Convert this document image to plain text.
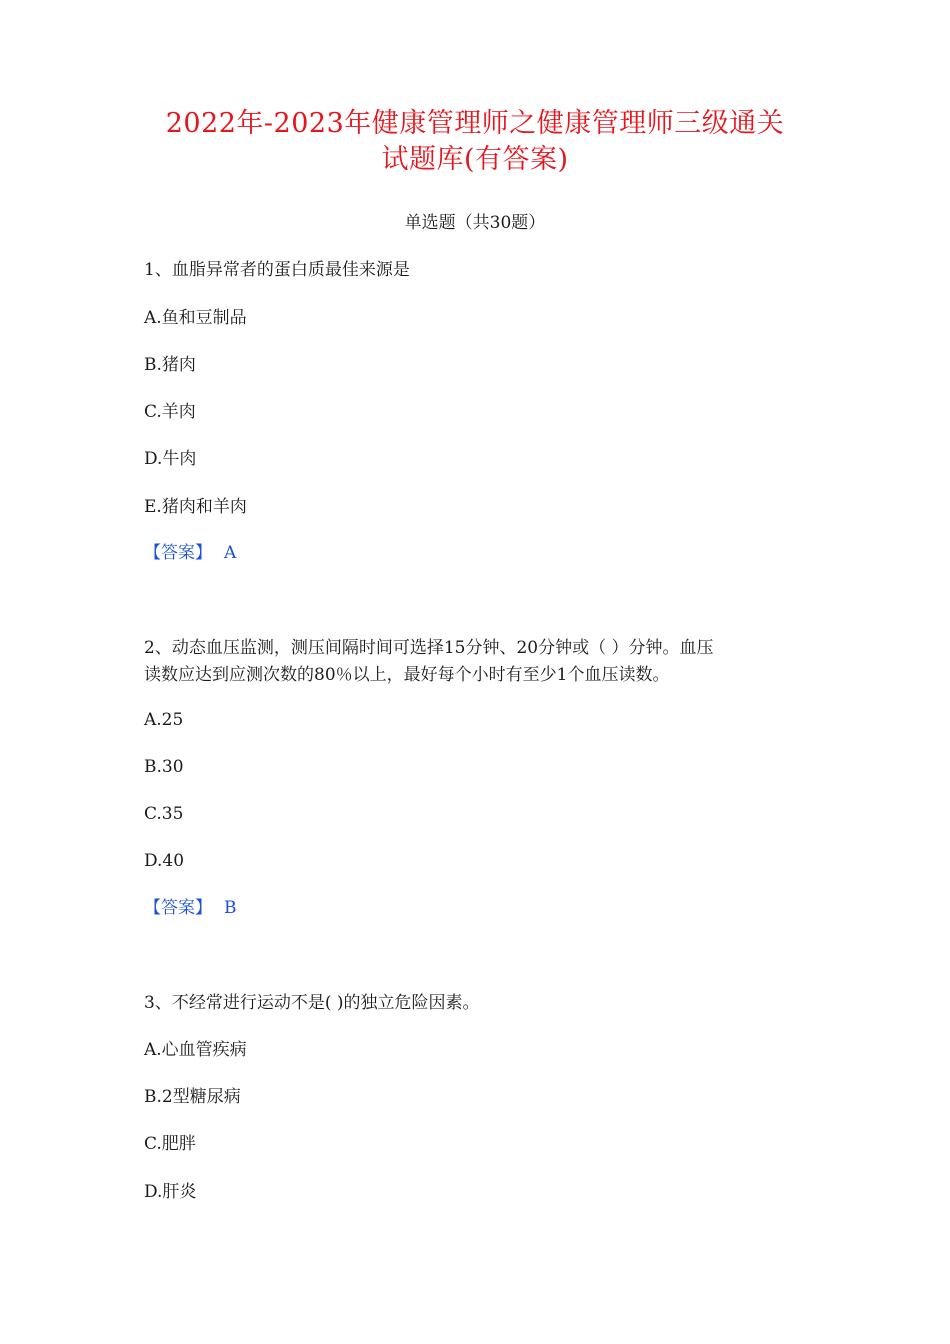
2022年-2023年健康管理师之健康管理师三级通关
试题库(有答案)
单选题（共30题）
1、血脂异常者的蛋白质最佳来源是
A.鱼和豆制品
B.猪肉
C.羊肉
D.牛肉
E.猪肉和羊肉
【答案】 A
2、动态血压监测，测压间隔时间可选择15分钟、20分钟或（ ）分钟。血压
读数应达到应测次数的80％以上，最好每个小时有至少1个血压读数。
A.25
B.30
C.35
D.40
【答案】 B
3、不经常进行运动不是( )的独立危险因素。
A.心血管疾病
B.2型糖尿病
C.肥胖
D.肝炎
